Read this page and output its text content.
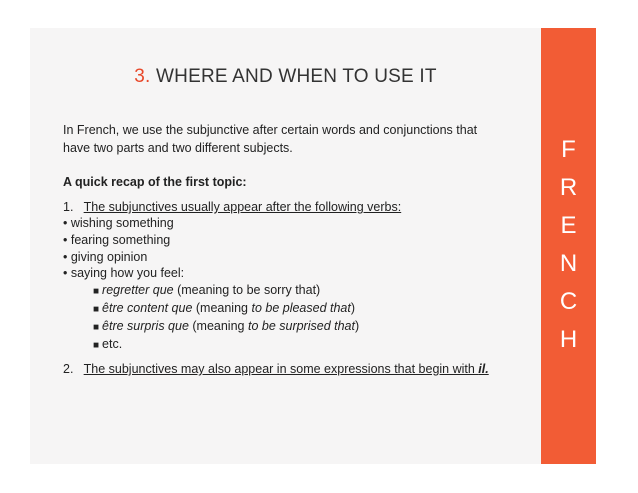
F
R
E
N
C
H
3. WHERE AND WHEN TO USE IT
In French, we use the subjunctive after certain words and conjunctions that
have two parts and two different subjects.
A quick recap of the first topic:
1. The subjunctives usually appear after the following verbs:
• wishing something
• fearing something
• giving opinion
• saying how you feel:
■ regretter que (meaning to be sorry that)
■ être content que (meaning to be pleased that)
■ être surpris que (meaning to be surprised that)
■ etc.
2. The subjunctives may also appear in some expressions that begin with il.
